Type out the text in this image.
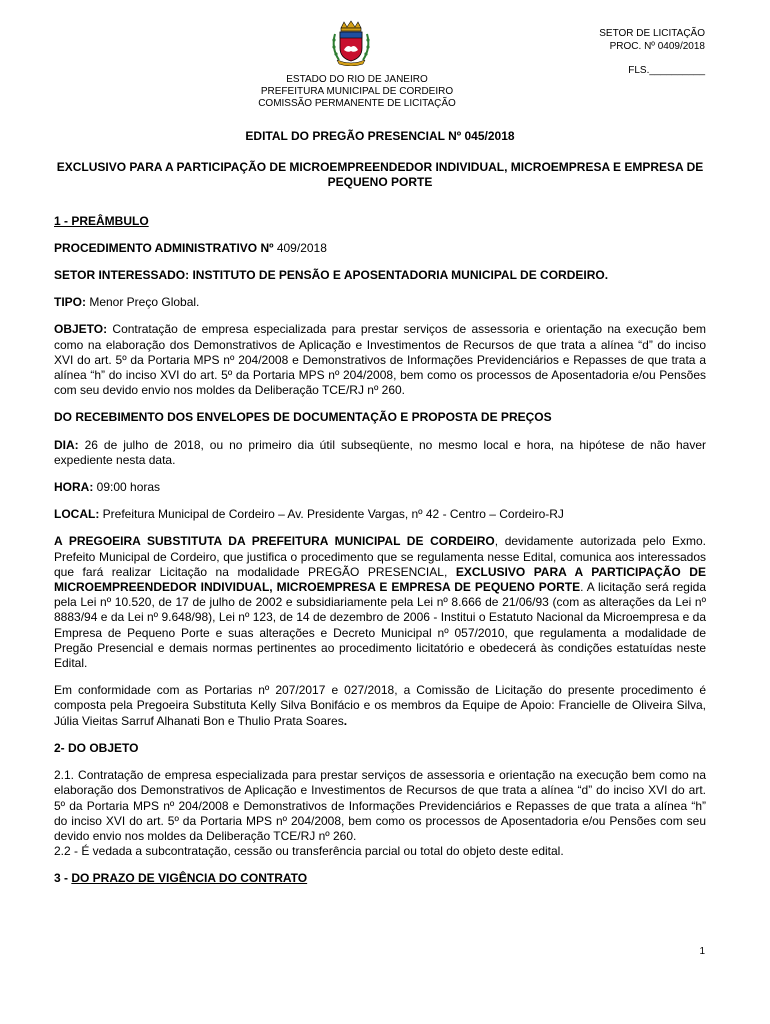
SETOR DE LICITAÇÃO
PROC. Nº 0409/2018
FLS.__________
ESTADO DO RIO DE JANEIRO
PREFEITURA MUNICIPAL DE CORDEIRO
COMISSÃO PERMANENTE DE LICITAÇÃO
EDITAL DO PREGÃO PRESENCIAL Nº 045/2018
EXCLUSIVO PARA A PARTICIPAÇÃO DE MICROEMPREENDEDOR INDIVIDUAL, MICROEMPRESA E EMPRESA DE PEQUENO PORTE
1 - PREÂMBULO

PROCEDIMENTO ADMINISTRATIVO Nº 409/2018

SETOR INTERESSADO: INSTITUTO DE PENSÃO E APOSENTADORIA MUNICIPAL DE CORDEIRO.

TIPO: Menor Preço Global.

OBJETO: Contratação de empresa especializada para prestar serviços de assessoria e orientação na execução bem como na elaboração dos Demonstrativos de Aplicação e Investimentos de Recursos de que trata a alínea “d” do inciso XVI do art. 5º da Portaria MPS nº 204/2008 e Demonstrativos de Informações Previdenciários e Repasses de que trata a alínea “h” do inciso XVI do art. 5º da Portaria MPS nº 204/2008, bem como os processos de Aposentadoria e/ou Pensões com seu devido envio nos moldes da Deliberação TCE/RJ nº 260.

DO RECEBIMENTO DOS ENVELOPES DE DOCUMENTAÇÃO E PROPOSTA DE PREÇOS

DIA: 26 de julho de 2018, ou no primeiro dia útil subseqüente, no mesmo local e hora, na hipótese de não haver expediente nesta data.

HORA: 09:00 horas

LOCAL: Prefeitura Municipal de Cordeiro – Av. Presidente Vargas, nº 42 - Centro – Cordeiro-RJ

A PREGOEIRA SUBSTITUTA DA PREFEITURA MUNICIPAL DE CORDEIRO, devidamente autorizada pelo Exmo. Prefeito Municipal de Cordeiro, que justifica o procedimento que se regulamenta nesse Edital, comunica aos interessados que fará realizar Licitação na modalidade PREGÃO PRESENCIAL, EXCLUSIVO PARA A PARTICIPAÇÃO DE MICROEMPREENDEDOR INDIVIDUAL, MICROEMPRESA E EMPRESA DE PEQUENO PORTE. A licitação será regida pela Lei nº 10.520, de 17 de julho de 2002 e subsidiariamente pela Lei nº 8.666 de 21/06/93 (com as alterações da Lei nº 8883/94 e da Lei nº 9.648/98), Lei nº 123, de 14 de dezembro de 2006 - Institui o Estatuto Nacional da Microempresa e da Empresa de Pequeno Porte e suas alterações e Decreto Municipal nº 057/2010, que regulamenta a modalidade de Pregão Presencial e demais normas pertinentes ao procedimento licitatório e obedecerá às condições estatuídas neste Edital.

Em conformidade com as Portarias nº 207/2017 e 027/2018, a Comissão de Licitação do presente procedimento é composta pela Pregoeira Substituta Kelly Silva Bonifácio e os membros da Equipe de Apoio: Francielle de Oliveira Silva, Júlia Vieitas Sarruf Alhanati Bon e Thulio Prata Soares.

2- DO OBJETO

2.1. Contratação de empresa especializada para prestar serviços de assessoria e orientação na execução bem como na elaboração dos Demonstrativos de Aplicação e Investimentos de Recursos de que trata a alínea “d” do inciso XVI do art. 5º da Portaria MPS nº 204/2008 e Demonstrativos de Informações Previdenciários e Repasses de que trata a alínea “h” do inciso XVI do art. 5º da Portaria MPS nº 204/2008, bem como os processos de Aposentadoria e/ou Pensões com seu devido envio nos moldes da Deliberação TCE/RJ nº 260.

2.2 - É vedada a subcontratação, cessão ou transferência parcial ou total do objeto deste edital.

3 - DO PRAZO DE VIGÊNCIA DO CONTRATO

1
